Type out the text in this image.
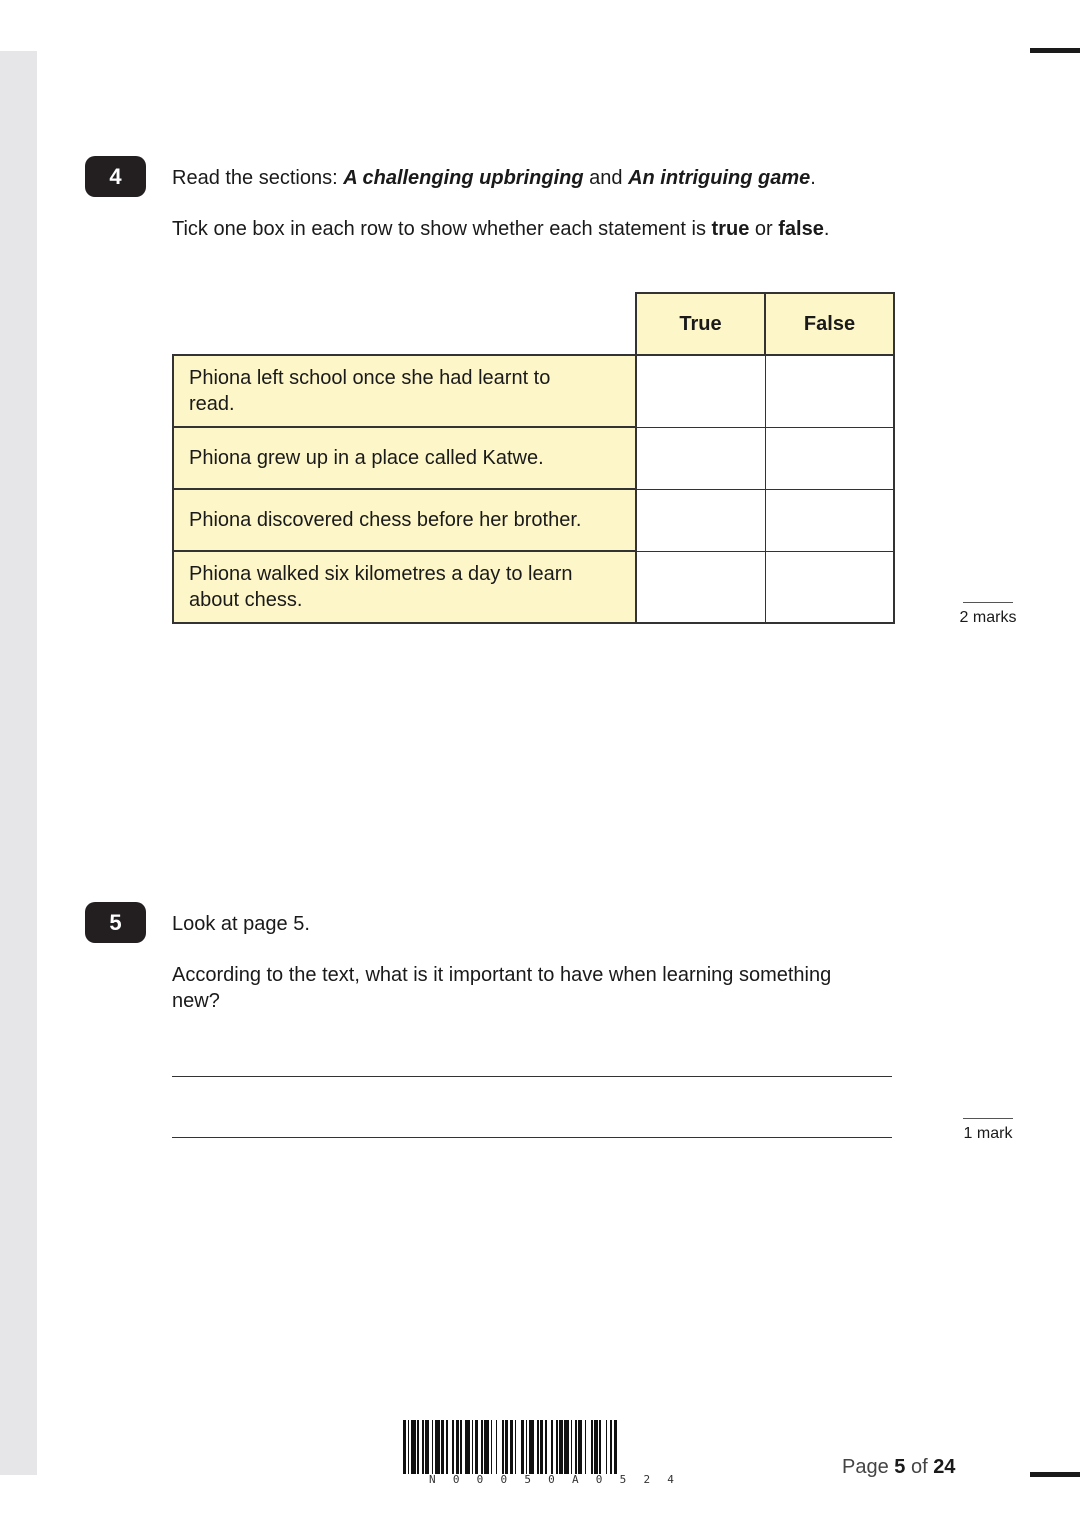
4	Read the sections: A challenging upbringing and An intriguing game.
Tick one box in each row to show whether each statement is true or false.
	True	False

Phiona left school once she had learnt to read.		

Phiona grew up in a place called Katwe.		
Phiona discovered chess before her brother.		

Phiona walked six kilometres a day to learn about chess.		

2 marks
5	Look at page 5.
According to the text, what is it important to have when learning something new?
1 mark
N 0 0 0 5 0 A 0 5 2 4
Page 5 of 24
